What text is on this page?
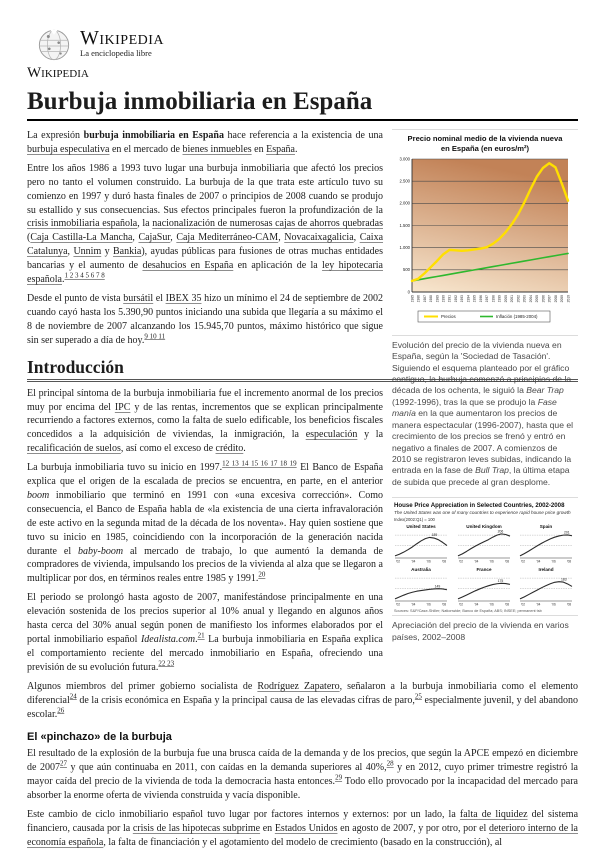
Wikipedia
La enciclopedia libre
Wikipedia
Burbuja inmobiliaria en España
Precio nominal medio de la vivienda nueva en España (en euros/m²)
0
500
1.000
1.500
2.000
2.500
3.000
1985 1986 1987 1988 1989 1990 1991 1992 1993 1994 1995 1996 1997 1998 1999 2000 2001 2002 2003 2004 2005 2006 2007 2008 2009 2010
Precios	Inflación (1985-2004)
Evolución del precio de la vivienda nueva en España, según la 'Sociedad de Tasación'. Siguiendo el esquema planteado por el gráfico contiguo, la burbuja comenzó a principios de la década de los ochenta, le siguió la Bear Trap (1992-1996), tras la que se produjo la Fase manía en la que aumentaron los precios de manera espectacular (1996-2007), hasta que el crecimiento de los precios se frenó y entró en negativo a finales de 2007. A comienzos de 2010 se registraron leves subidas, indicando la entrada en la fase de Bull Trap, la última etapa de subida que precede al gran desplome.
House Price Appreciation in Selected Countries, 2002-2008
The United States was one of many countries to experience rapid house price growth
Index(2002:Q1) = 100
United States
189
'02	'04	'06	'08
United Kingdom
206
'02	'04	'06	'08
Spain
201
'02	'04	'06	'08
Australia
149
'02	'04	'06	'08
France
175
'02	'04	'06	'08
Ireland
183
'02	'04	'06	'08
Sources: S&P/Case-Shiller; Nationwide; Banco de España; ABS; INSEE; permanent tsb
Apreciación del precio de la vivienda en varios países, 2002–2008

La expresión burbuja inmobiliaria en España hace referencia a la existencia de una burbuja especulativa en el mercado de bienes inmuebles en España.

Entre los años 1986 a 1993 tuvo lugar una burbuja inmobiliaria que afectó los precios pero no tanto el volumen construido. La burbuja de la que trata este artículo tuvo su comienzo en 1997 y duró hasta finales de 2007 o principios de 2008 cuando se produjo su estallido y sus consecuencias. Sus efectos principales fueron la profundización de la crisis inmobiliaria española, la nacionalización de numerosas cajas de ahorros quebradas (Caja Castilla-La Mancha, CajaSur, Caja Mediterráneo-CAM, Novacaixagalicia, Caixa Catalunya, Unnim y Bankia), ayudas públicas para fusiones de otras muchas entidades bancarias y el aumento de desahucios en España en aplicación de la ley hipotecaria española.$^{1 2 3 4 5 6 7 8}$

Desde el punto de vista bursátil el IBEX 35 hizo un mínimo el 24 de septiembre de 2002 cuando cayó hasta los 5.390,90 puntos iniciando una subida que llegaría a su máximo el 8 de noviembre de 2007 alcanzando los 15.945,70 puntos, máximo histórico que sigue sin ser superado a día de hoy.$^{9 10 11}$

Introducción

El principal síntoma de la burbuja inmobiliaria fue el incremento anormal de los precios muy por encima del IPC y de las rentas, incrementos que se explican principalmente recurriendo a factores externos, como la falta de suelo edificable, los beneficios fiscales concedidos a la adquisición de viviendas, la inmigración, la especulación y la recalificación de suelos, así como el exceso de crédito.

La burbuja inmobiliaria tuvo su inicio en 1997.$^{12 13 14 15 16 17 18 19}$ El Banco de España explica que el origen de la escalada de precios se encuentra, en parte, en el anterior boom inmobiliario que terminó en 1991 con «una excesiva corrección». Como consecuencia, el Banco de España habla de «la existencia de una cierta infravaloración de este activo en la segunda mitad de la década de los noventa». Hay quien sostiene que tuvo su inicio en 1985, coincidiendo con la incorporación de la generación nacida durante el baby-boom al mercado de trabajo, lo que aumentó la demanda de compradores de vivienda, impulsando los precios de la vivienda al alza que se llegaron a multiplicar por dos, en términos reales entre 1985 y 1991.20

El periodo se prolongó hasta agosto de 2007, manifestándose principalmente en una elevación sostenida de los precios superior al 10% anual y llegando en algunos años hasta cerca del 30% anual según ponen de manifiesto los informes elaborados por el portal inmobiliario español Idealista.com.$^{21}$ La burbuja inmobiliaria en España explica el comportamiento reciente del mercado inmobiliario en España, ofreciendo una previsión de su evolución futura.$^{22 23}$

Algunos miembros del primer gobierno socialista de Rodríguez Zapatero, señalaron a la burbuja inmobiliaria como el elemento diferencial$^{24}$ de la crisis económica en España y la principal causa de las elevadas cifras de paro,$^{25}$ especialmente juvenil, y del abandono escolar.$^{26}$

El «pinchazo» de la burbuja

El resultado de la explosión de la burbuja fue una brusca caída de la demanda y de los precios, que según la APCE empezó en diciembre de 2007$^{27}$ y que aún continuaba en 2011, con caídas en la demanda superiores al 40%,$^{28}$ y en 2012, cuyo primer trimestre registró la mayor caída del precio de la vivienda de toda la democracia hasta entonces.$^{29}$ Todo ello provocado por la incapacidad del mercado para absorber la enorme oferta de vivienda construida y vacía disponible.

Este cambio de ciclo inmobiliario español tuvo lugar por factores internos y externos: por un lado, la falta de liquidez del sistema financiero, causada por la crisis de las hipotecas subprime en Estados Unidos en agosto de 2007, y por otro, por el deterioro interno de la economía española, la falta de financiación y el agotamiento del modelo de crecimiento (basado en la construcción), al
